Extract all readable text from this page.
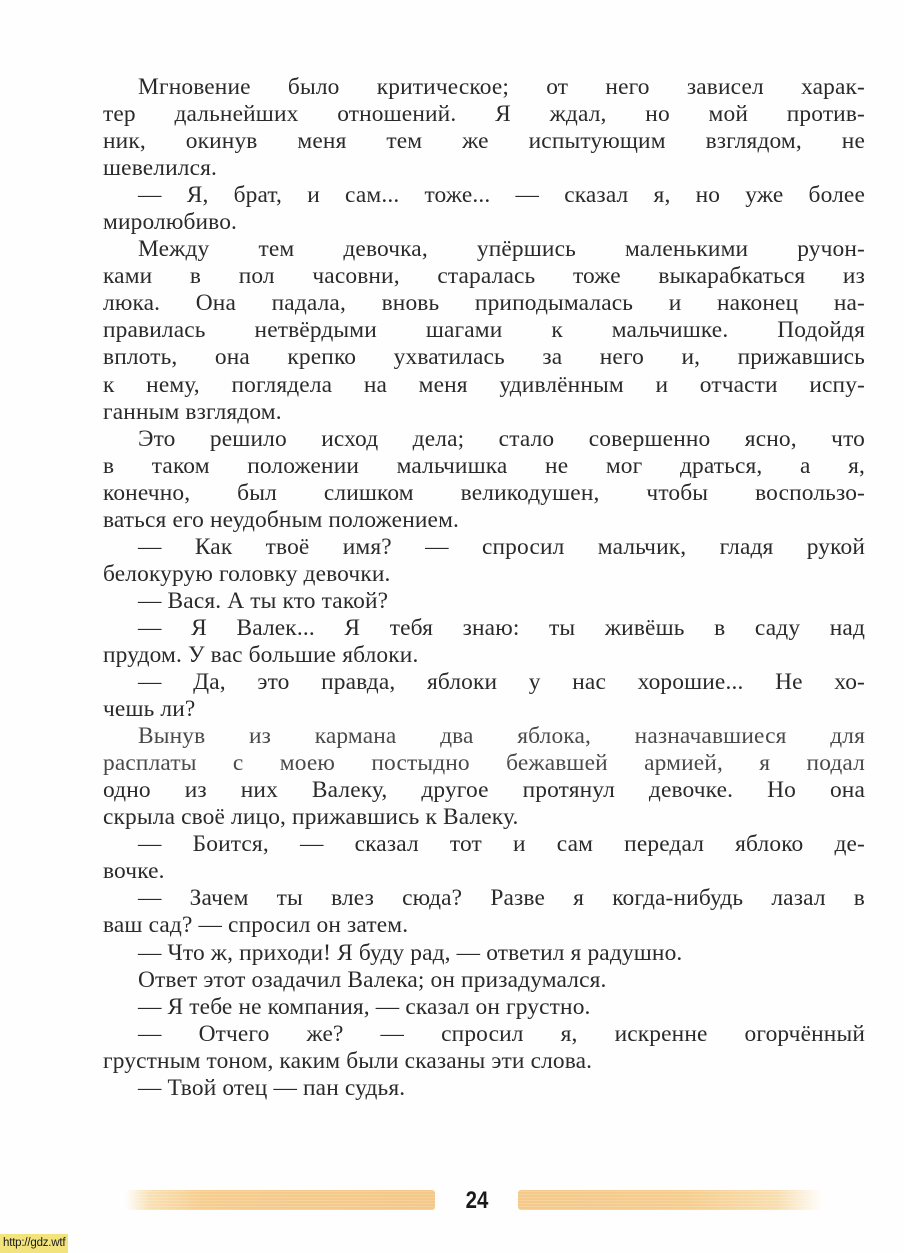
Мгновение было критическое; от него зависел харак-
тер дальнейших отношений. Я ждал, но мой против-
ник, окинув меня тем же испытующим взглядом, не
шевелился.
— Я, брат, и сам... тоже... — сказал я, но уже более
миролюбиво.
Между тем девочка, упёршись маленькими ручон-
ками в пол часовни, старалась тоже выкарабкаться из
люка. Она падала, вновь приподымалась и наконец на-
правилась нетвёрдыми шагами к мальчишке. Подойдя
вплоть, она крепко ухватилась за него и, прижавшись
к нему, поглядела на меня удивлённым и отчасти испу-
ганным взглядом.
Это решило исход дела; стало совершенно ясно, что
в таком положении мальчишка не мог драться, а я,
конечно, был слишком великодушен, чтобы воспользо-
ваться его неудобным положением.
— Как твоё имя? — спросил мальчик, гладя рукой
белокурую головку девочки.
— Вася. А ты кто такой?
— Я Валек... Я тебя знаю: ты живёшь в саду над
прудом. У вас большие яблоки.
— Да, это правда, яблоки у нас хорошие... Не хо-
чешь ли?
Вынув из кармана два яблока, назначавшиеся для
расплаты с моею постыдно бежавшей армией, я подал
одно из них Валеку, другое протянул девочке. Но она
скрыла своё лицо, прижавшись к Валеку.
— Боится, — сказал тот и сам передал яблоко де-
вочке.
— Зачем ты влез сюда? Разве я когда-нибудь лазал в
ваш сад? — спросил он затем.
— Что ж, приходи! Я буду рад, — ответил я радушно.
Ответ этот озадачил Валека; он призадумался.
— Я тебе не компания, — сказал он грустно.
— Отчего же? — спросил я, искренне огорчённый
грустным тоном, каким были сказаны эти слова.
— Твой отец — пан судья.
24
http://gdz.wtf
